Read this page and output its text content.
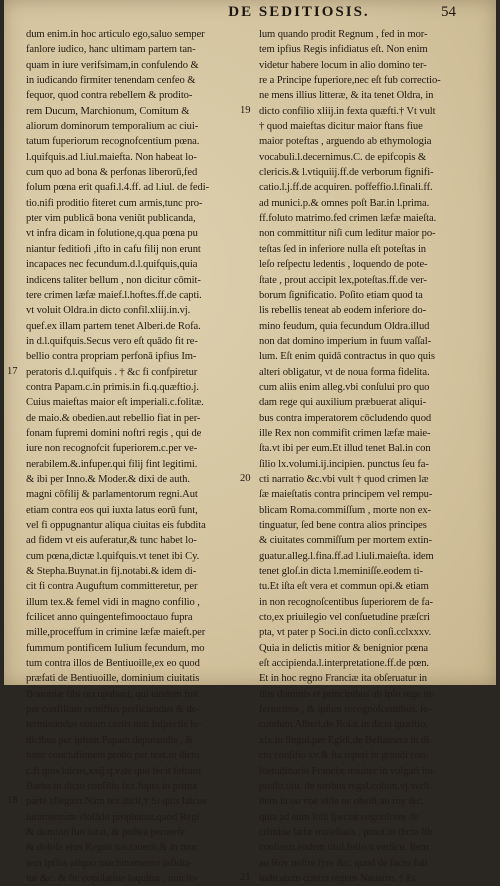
DE SEDITIOSIS.	54
dum enim.in hoc articulo ego,saluo semper
fanlore iudico, hanc ultimam partem tan-
quam in iure verifsimam,in confulendo &
in iudicando firmiter tenendam cenfeo &
fequor, quod contra rebellem & prodito-
rem Ducum, Marchionum, Comitum &
aliorum dominorum temporalium ac ciui-
tatum fuperiorum recognofcentium pœna.
l.quifquis.ad l.iul.maiefta. Non habeat lo-
cum quo ad bona & perfonas liberorū,fed
folum pœna erit quafi.l.4.ff. ad l.iul. de fedi-
tio.nifi proditio fiteret cum armis,tunc pro-
pter vim publicā bona veniūt publicanda,
vt infra dicam in folutione,q.qua pœna pu
niantur feditiofi ,ifto in cafu filij non erunt
incapaces nec fecundum.d.l.quifquis,quia
indicens taliter bellum , non dicitur cōmit-
tere crimen læfæ maief.l.hoftes.ff.de capti.
vt voluit Oldra.in dicto confil.xliij.in.vj.
quef.ex illam partem tenet Alberi.de Rofa.
in d.l.quifquis.Secus vero eſt quādo fit re-
bellio contra propriam perfonā ipfius Im-
17 peratoris d.l.quifquis . † &c fi confpiretur
contra Papam.c.in primis.in fi.q.quæftio.j.
Cuius maieftas maior eſt imperiali.c.folitæ.
de maio.& obedien.aut rebellio fiat in per-
fonam fupremi domini noftri regis , qui de
iure non recognofcit fuperiorem.c.per ve-
nerabilem.&.infuper.qui filij fint legitimi.
& ibi per Inno.& Moder.& dixi de auth.
magni cōfilij & parlamentorum regni.Aut
etiam contra eos qui iuxta latus eorū funt,
vel fi oppugnantur aliqua ciuitas eis fubdita
ad fidem vt eis auferatur,& tunc habet lo-
cum pœna,dictæ l.quifquis.vt tenet ibi Cy.
& Stepha.Buynat.in fij.notabi.& idem di-
cit fi contra Auguftum committeretur, per
illum tex.& femel vidi in magno confilio ,
fcilicet anno quingentefimooctauo fupra
mille,proceffum in crimine læfæ maieft.per
fummum pontificem Iulium fecundum, mo
tum contra illos de Bentiuoille,ex eo quod
præfati de Bentiuoille, dominium ciuitatis
Bononiæ fibi occupabant, qui tandem fuit
per confilium remiffus perficiendus & de-
terminandus coram certis non fufpectis iu-
dicibus per ipfum Papam deputandis , &
hanc conclufionem probo per text.in dicto
c.fi quis laicus,xxij.q.v.de quo fecit feftum
Barba.in dicto confilio lxx.fupra in prima
18 parte allegato.Nam tex.dicit,† Si quis laicus
iuramentum violādo prophanat,quod Regi
& domino fuo iurat, & poftea peruerfe
& dolofe eius Regnū tractauerit,& in mor
tem ipfius aliquo machinamento infidia-
tur &c. & fic copulatiue loquitur , non fo-
lum quando prodit Regnum , fed in mor-
tem ipfius Regis infidiatus eſt. Non enim
videtur habere locum in alio domino ter-
re a Principe fuperiore,nec eſt fub correctio-
ne mens illius litteræ, & ita tenet Oldra, in
19 dicto confilio xliij.in fexta quæfti.† Vt vult
† quod maieftas dicitur maior ftans fiue
maior poteftas , arguendo ab ethymologia
vocabuli.l.decernimus.C. de epifcopis &
clericis.& l.vtiquiij.ff.de verborum fignifi-
catio.l.j.ff.de acquiren. poffeffio.l.finali.ff.
ad munici.p.& omnes poſt Bar.in l.prima.
ff.foluto matrimo.fed crimen læfæ maieſta.
non committitur niſi cum leditur maior po-
teſtas ſed in inferiore nulla eſt poteſtas in
leſo reſpectu ledentis , loquendo de pote-
ſtate , prout accipit lex,poteſtas.ff.de ver-
borum ſignificatio. Poſito etiam quod ta
lis rebellis teneat ab eodem inferiore do-
mino feudum, quia fecundum Oldra.illud
non dat domino imperium in fuum vaſſal-
lum. Eſt enim quidā contractus in quo quis
alteri obligatur, vt de noua forma fidelita.
cum aliis enim alleg.vbi conſului pro quo
dam rege qui auxilium præbuerat aliqui-
bus contra imperatorem cōcludendo quod
ille Rex non commifit crimen læfæ maie-
ſta.vt ibi per eum.Et illud tenet Bal.in con
ſilio lx.volumi.ij.incipien. punctus ſeu fa-
20 cti narratio &c.vbi vult † quod crimen læ
ſæ maieſtatis contra principem vel rempu-
blicam Roma.commiſſum , morte non ex-
tinguatur, ſed bene contra alios principes
& ciuitates commiſſum per mortem extin-
guatur.alleg.l.fina.ff.ad l.iuli.maieſta. idem
tenet gloſ.in dicta l.meminiſſe.eodem ti-
tu.Et iſta eſt vera et commun opi.& etiam
in non recognoſcentibus ſuperiorem de fa-
cto,ex priuilegio vel conſuetudine præſcri
pta, vt pater p Soci.in dicto conſi.cclxxxv.
Quia in delictis mitior & benignior pœna
eſt accipienda.l.interpretatione.ff.de pœn.
Et in hoc regno Franciæ ita obſeruatur in
iſtis dominis et principibus ab ipſo rege in-
ferioribus , & ipſum recognoſcentibus, ſe-
cundum Alberi,de Roſat.in dicta quæſtio.
xix.in ſingul.per Egidi,de Bellamera in di
cto conſilio xv.& ita reperi in grandi con-
ſuetudinario Franciæ nouiter in vulgari im-
preſſo,titu. de iuribus regal.colum.vj.verſi.
item ia ou vne ville ne obeiſt au roy &c.
quia ad eum ſolū ſpectat cognoſcere de
crimine læſæ maieſtatis , prout in dicto lib.
conſuetu.eodem titul.folio.v.verſicu. Item
au Roy noſtre ſyre &c. quod de facto fuit
21 iudicatum contra regem Nauarre. † Et
